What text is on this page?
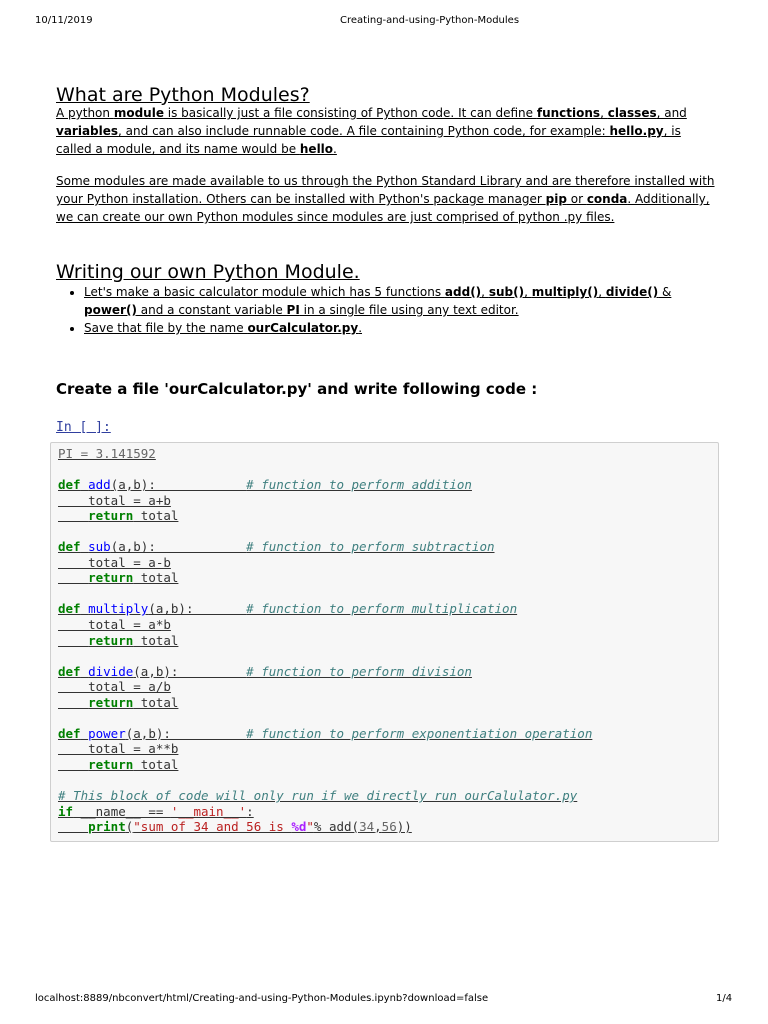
10/11/2019	Creating-and-using-Python-Modules
What are Python Modules?

A python module is basically just a file consisting of Python code. It can define functions, classes, and variables, and can also include runnable code. A file containing Python code, for example: hello.py, is called a module, and its name would be hello.

Some modules are made available to us through the Python Standard Library and are therefore installed with your Python installation. Others can be installed with Python's package manager pip or conda. Additionally, we can create our own Python modules since modules are just comprised of python .py files.

Writing our own Python Module.
• Let's make a basic calculator module which has 5 functions add(), sub(), multiply(), divide() & power() and a constant variable PI in a single file using any text editor.
• Save that file by the name ourCalculator.py.
Create a file 'ourCalculator.py' and write following code :
In [ ]:
PI = 3.141592

def add(a,b):            # function to perform addition
total = a+b
return total

def sub(a,b):            # function to perform subtraction
total = a-b
return total

def multiply(a,b):       # function to perform multiplication
total = a*b
return total

def divide(a,b):         # function to perform division
total = a/b
return total

def power(a,b):          # function to perform exponentiation operation
total = a**b
return total

# This block of code will only run if we directly run ourCalulator.py
if __name__ == '__main__':
print("sum of 34 and 56 is %d"% add(34,56))
localhost:8889/nbconvert/html/Creating-and-using-Python-Modules.ipynb?download=false	1/4
